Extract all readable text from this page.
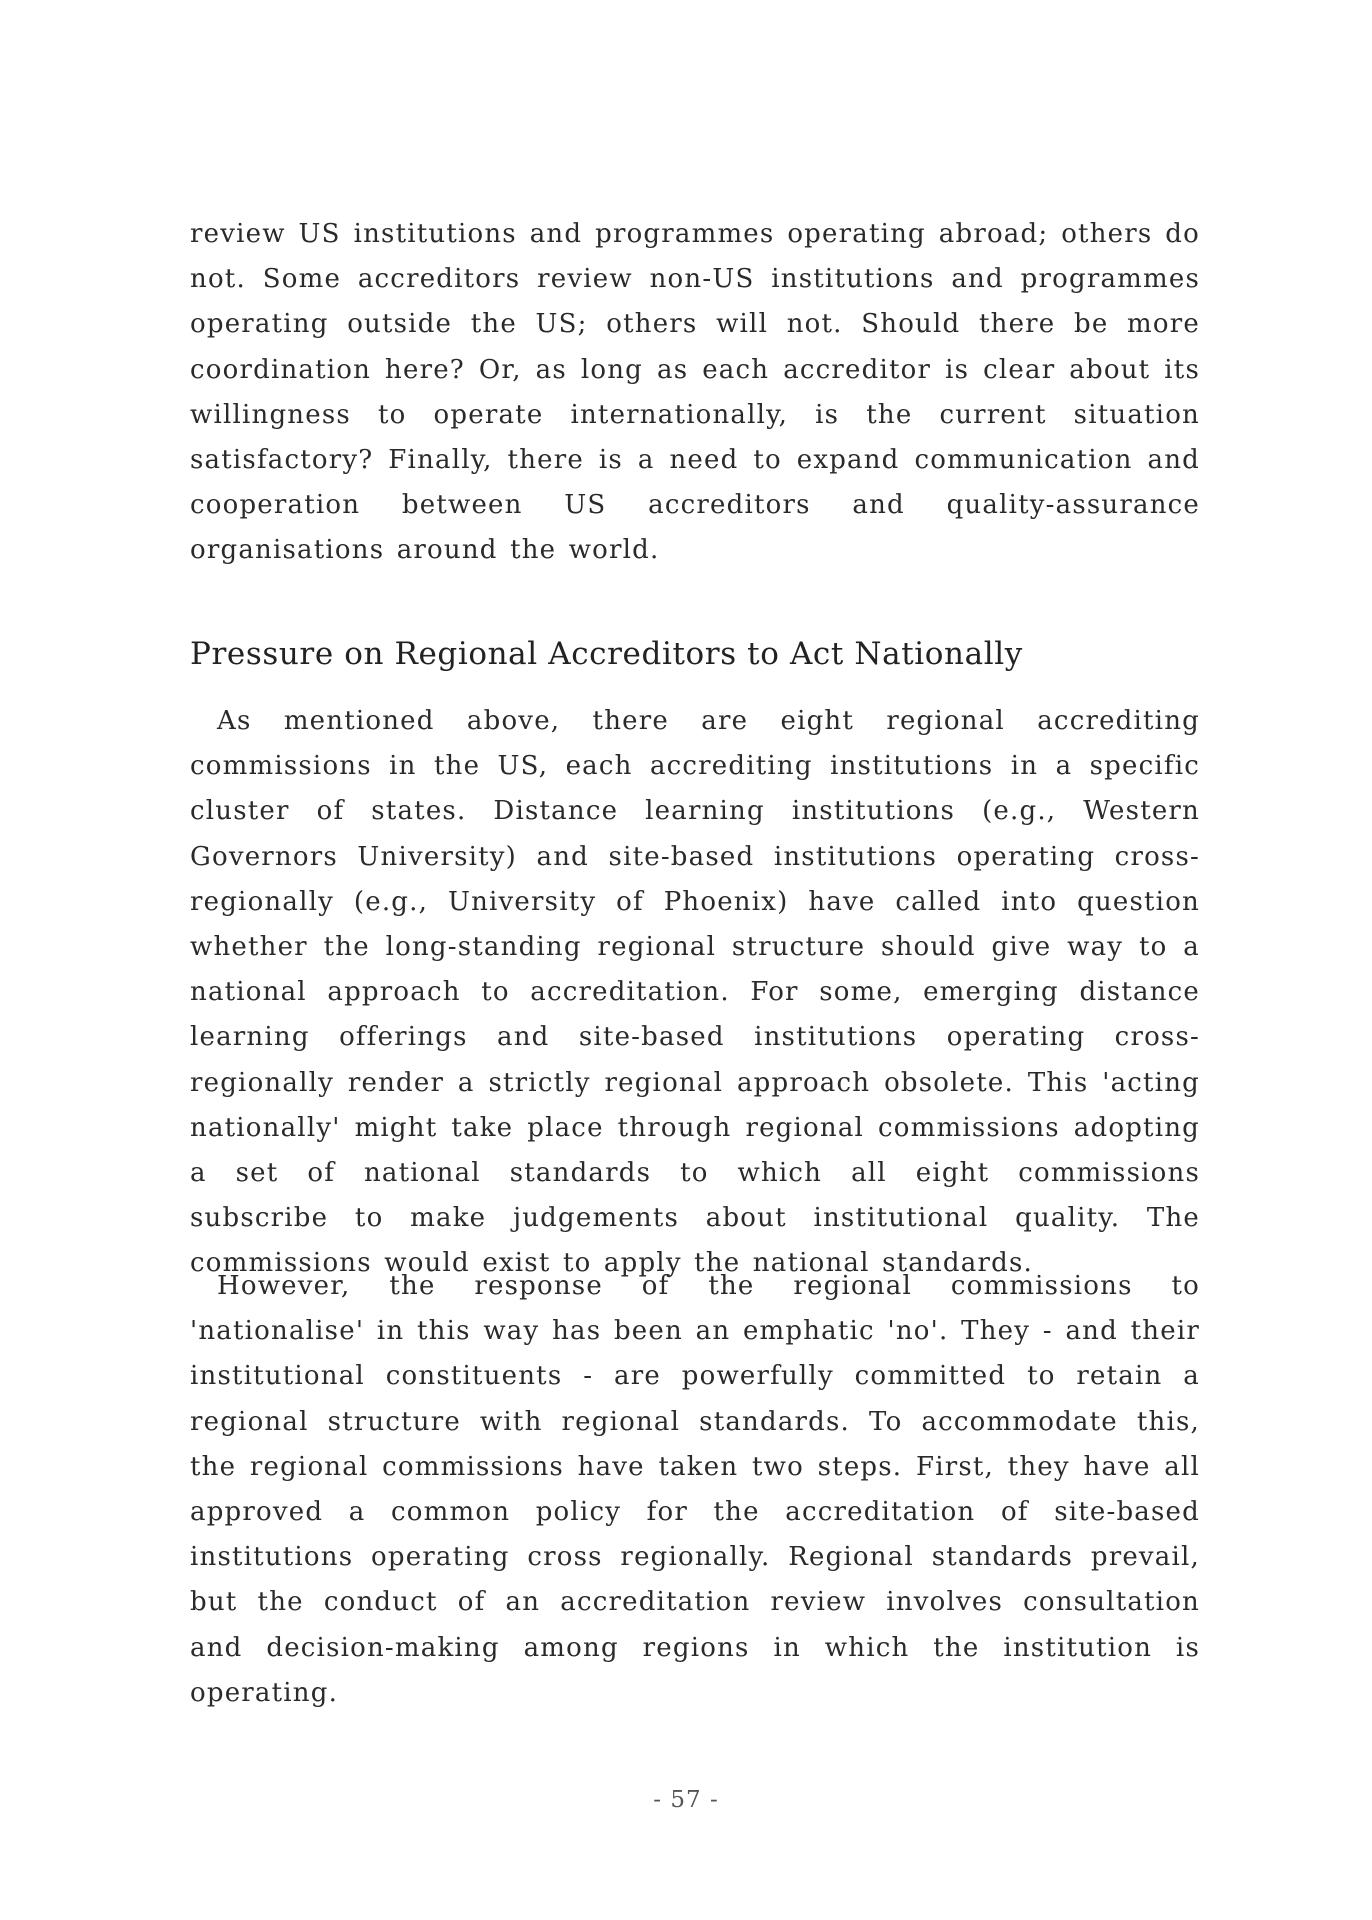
review US institutions and programmes operating abroad; others do not. Some accreditors review non-US institutions and programmes operating outside the US; others will not. Should there be more coordination here? Or, as long as each accreditor is clear about its willingness to operate internationally, is the current situation satisfactory? Finally, there is a need to expand communication and cooperation between US accreditors and quality-assurance organisations around the world.

Pressure on Regional Accreditors to Act Nationally

As mentioned above, there are eight regional accrediting commissions in the US, each accrediting institutions in a specific cluster of states. Distance learning institutions (e.g., Western Governors University) and site-based institutions operating cross-regionally (e.g., University of Phoenix) have called into question whether the long-standing regional structure should give way to a national approach to accreditation. For some, emerging distance learning offerings and site-based institutions operating cross-regionally render a strictly regional approach obsolete. This 'acting nationally' might take place through regional commissions adopting a set of national standards to which all eight commissions subscribe to make judgements about institutional quality. The commissions would exist to apply the national standards.

However, the response of the regional commissions to 'nationalise' in this way has been an emphatic 'no'. They - and their institutional constituents - are powerfully committed to retain a regional structure with regional standards. To accommodate this, the regional commissions have taken two steps. First, they have all approved a common policy for the accreditation of site-based institutions operating cross regionally. Regional standards prevail, but the conduct of an accreditation review involves consultation and decision-making among regions in which the institution is operating.

- 57 -
